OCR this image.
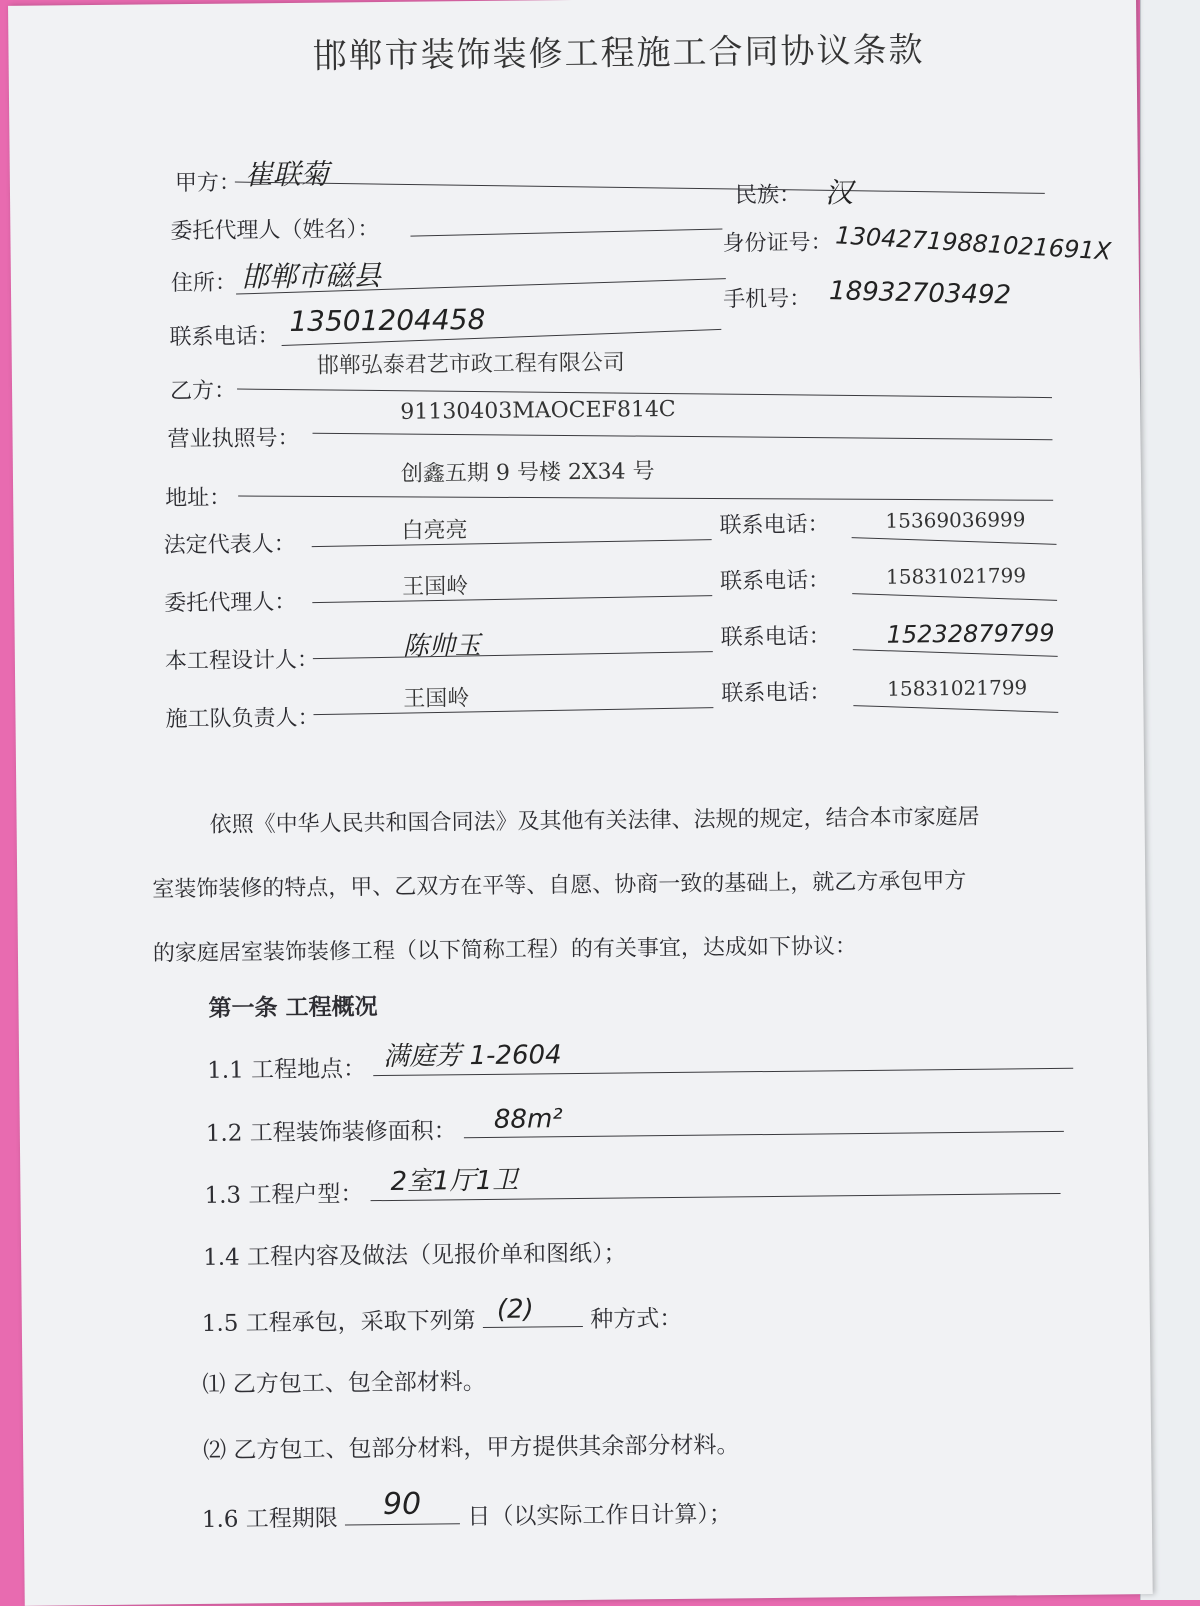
邯郸市装饰装修工程施工合同协议条款
甲方： 崔联菊
民族： 汉
委托代理人（姓名）：	身份证号： 13042719881021691X
住所： 邯郸市磁县
手机号： 18932703492
联系电话： 13501204458
乙方：
邯郸弘泰君艺市政工程有限公司
营业执照号：
91130403MAOCEF814C
地址：
创鑫五期 9 号楼 2X34 号
法定代表人：
白亮亮	联系电话：	15369036999
委托代理人：
王国岭	联系电话：	15831021799
本工程设计人：	陈帅玉	联系电话： 15232879799
施工队负责人：
王国岭	联系电话：	15831021799

依照《中华人民共和国合同法》及其他有关法律、法规的规定，结合本市家庭居

室装饰装修的特点，甲、乙双方在平等、自愿、协商一致的基础上，就乙方承包甲方

的家庭居室装饰装修工程（以下简称工程）的有关事宜，达成如下协议：

第一条 工程概况
1.1 工程地点： 满庭芳 1-2604
1.2 工程装饰装修面积： 88m²
1.3 工程户型： 2室1厅1卫
1.4 工程内容及做法（见报价单和图纸）；
1.5 工程承包，采取下列第 (2) 种方式：
⑴ 乙方包工、包全部材料。
⑵ 乙方包工、包部分材料，甲方提供其余部分材料。
1.6 工程期限 90 日（以实际工作日计算）；
